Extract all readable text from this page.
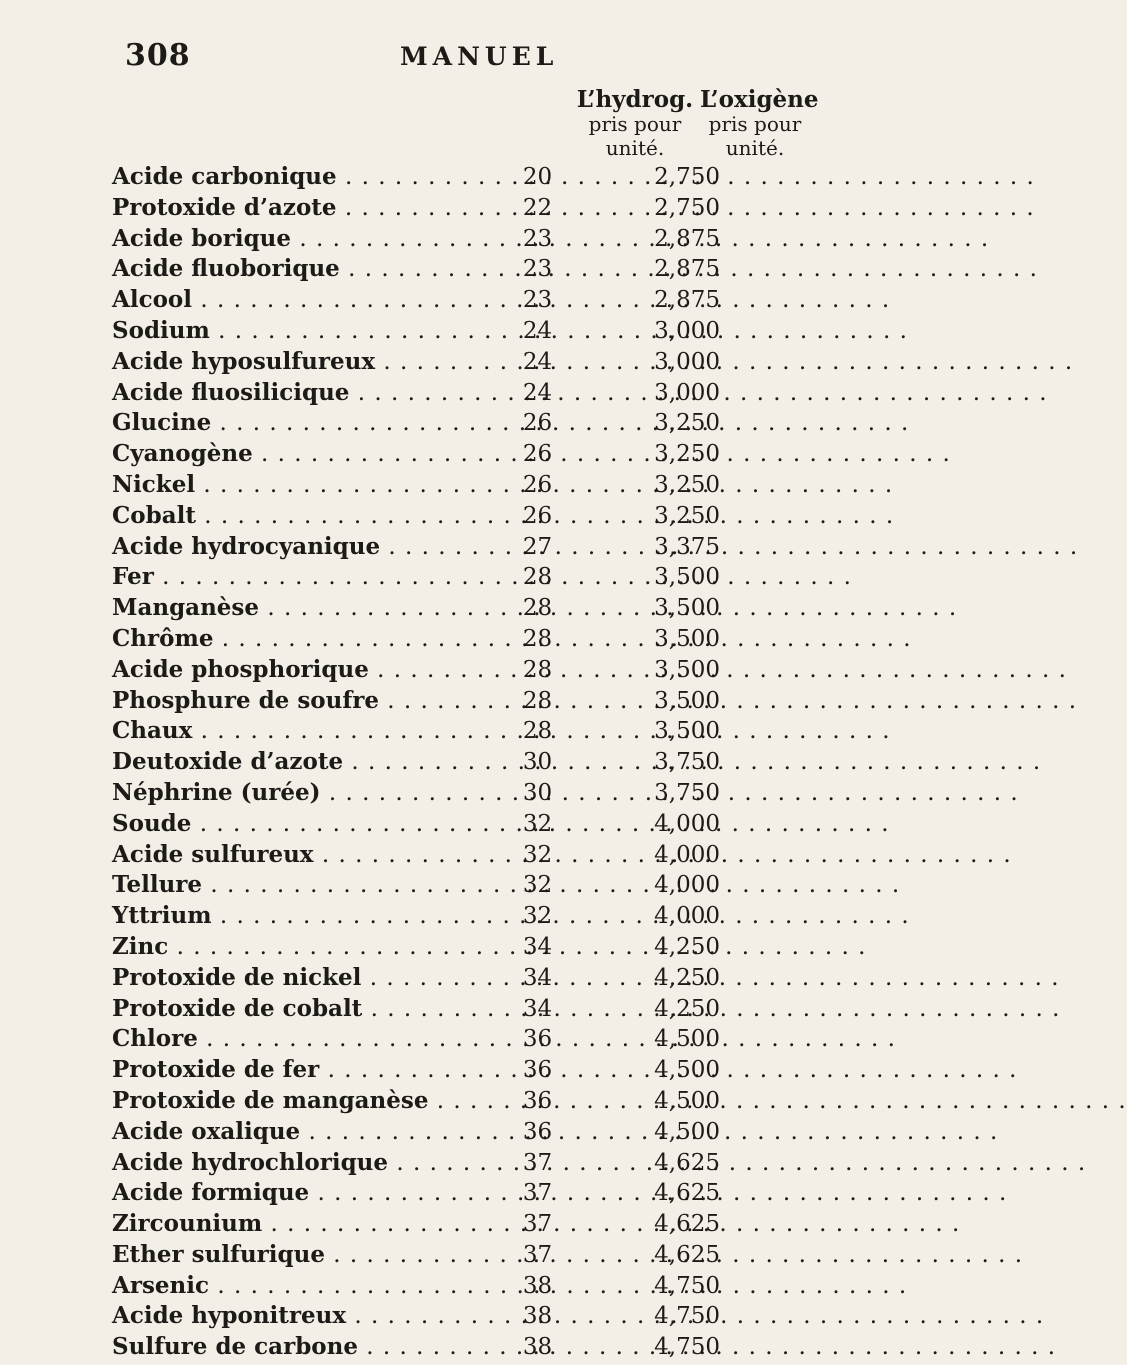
308	MANUEL
L’hydrog.
pris pour
unité.
L’oxigène
pris pour
unité.
Acide carbonique . . .	20	2,750
Protoxide d’azote . . .	22	2,750
Acide borique . . .	23	2,875
Acide fluoborique . . .	23	2,875
Alcool . . .	23	2,875
Sodium . . .	24	3,000
Acide hyposulfureux . . .	24	3,000
Acide fluosilicique . . .	24	3,000
Glucine . . .	26	3,250
Cyanogène . . .	26	3,250
Nickel . . .	26	3,250
Cobalt . . .	26	3,250
Acide hydrocyanique . . .	27	3,375
Fer . . .	28	3,500
Manganèse . . .	28	3,500
Chrôme . . .	28	3,500
Acide phosphorique . . .	28	3,500
Phosphure de soufre . . .	28	3,500
Chaux . . .	28	3,500
Deutoxide d’azote . . .	30	3,750
Néphrine (urée) . . .	30	3,750
Soude . . .	32	4,000
Acide sulfureux . . .	32	4,000
Tellure . . .	32	4,000
Yttrium . . .	32	4,000
Zinc . . .	34	4,250
Protoxide de nickel . . .	34	4,250
Protoxide de cobalt . . .	34	4,250
Chlore . . .	36	4,500
Protoxide de fer . . .	36	4,500
Protoxide de manganèse . . .	36	4,500
Acide oxalique . . .	36	4,500
Acide hydrochlorique . . .	37	4,625
Acide formique . . .	37	4,625
Zircounium . . .	37	4,625
Ether sulfurique . . .	37	4,625
Arsenic . . .	38	4,750
Acide hyponitreux . . .	38	4,750
Sulfure de carbone . . .	38	4,750
